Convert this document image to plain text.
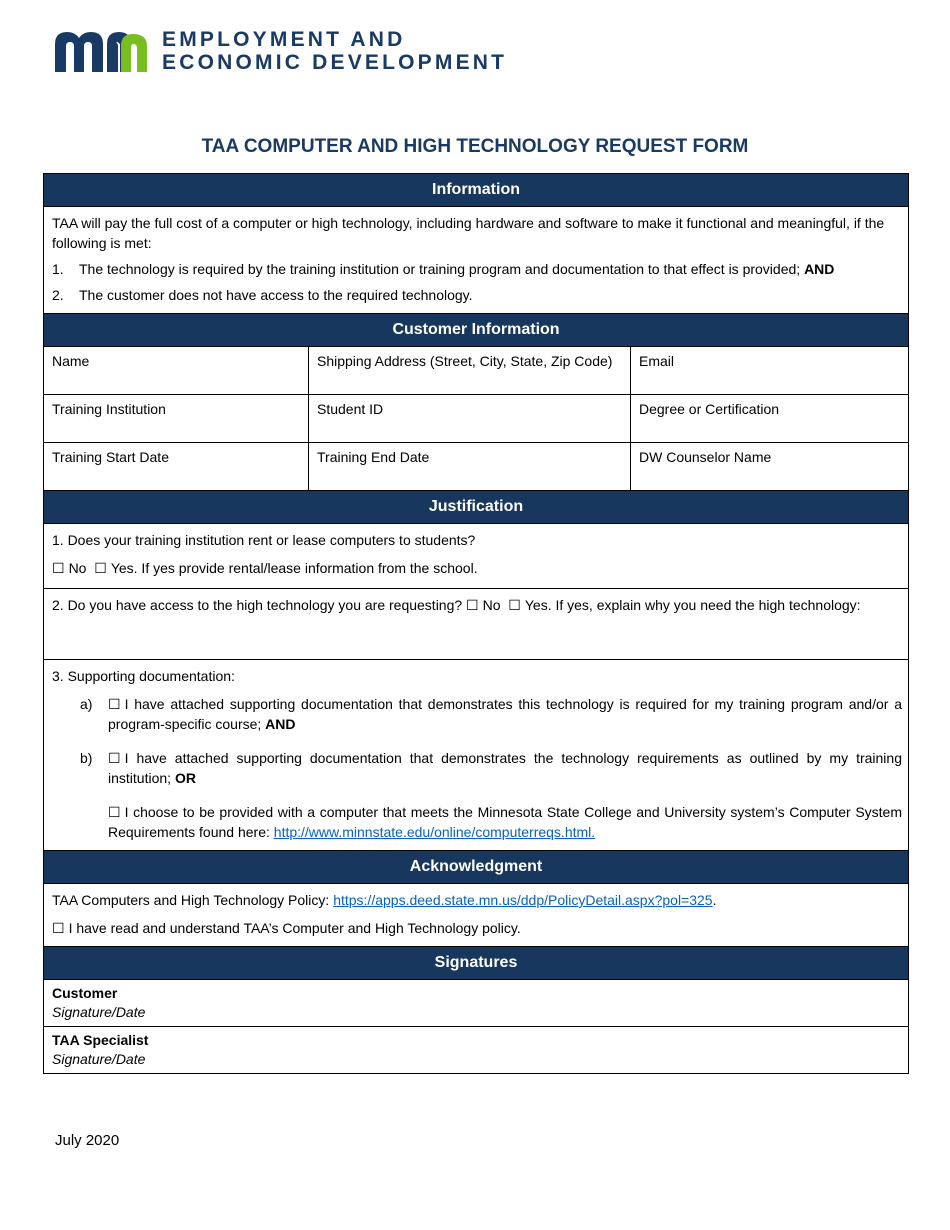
EMPLOYMENT AND
ECONOMIC DEVELOPMENT
TAA COMPUTER AND HIGH TECHNOLOGY REQUEST FORM
Information

TAA will pay the full cost of a computer or high technology, including hardware and software to make it functional and meaningful, if the following is met:

1.	The technology is required by the training institution or training program and documentation to that effect is provided; AND
2.	The customer does not have access to the required technology.
Customer Information
Name	Shipping Address (Street, City, State, Zip Code)	Email
Training Institution	Student ID	Degree or Certification
Training Start Date	Training End Date	DW Counselor Name
Justification

1. Does your training institution rent or lease computers to students?

☐ No ☐ Yes. If yes provide rental/lease information from the school.

2. Do you have access to the high technology you are requesting? ☐ No ☐ Yes. If yes, explain why you need the high technology:

3. Supporting documentation:

a)	☐ I have attached supporting documentation that demonstrates this technology is required for my training program and/or a program-specific course; AND
b)	☐ I have attached supporting documentation that demonstrates the technology requirements as outlined by my training institution; OR
☐ I choose to be provided with a computer that meets the Minnesota State College and University system’s Computer System Requirements found here: http://www.minnstate.edu/online/computerreqs.html.
Acknowledgment

TAA Computers and High Technology Policy: https://apps.deed.state.mn.us/ddp/PolicyDetail.aspx?pol=325.

☐ I have read and understand TAA’s Computer and High Technology policy.

Signatures
Customer
Signature/Date
TAA Specialist
Signature/Date
July 2020
